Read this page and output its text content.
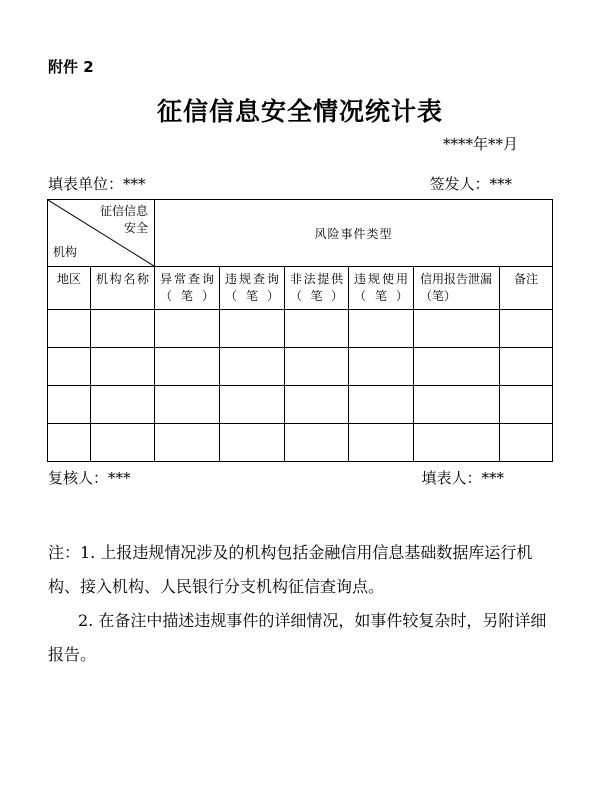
附件 2
征信信息安全情况统计表
****年**月
填表单位：***	签发人：***
征信信息
安全
机构		风险事件类型					
地区	机构名称	异常查询（笔）	违规查询（笔）	非法提供（笔）	违规使用（笔）	信用报告泄漏（笔）	备注

复核人：***	填表人：***
注：1. 上报违规情况涉及的机构包括金融信用信息基础数据库运行机构、接入机构、人民银行分支机构征信查询点。
2. 在备注中描述违规事件的详细情况，如事件较复杂时，另附详细报告。
